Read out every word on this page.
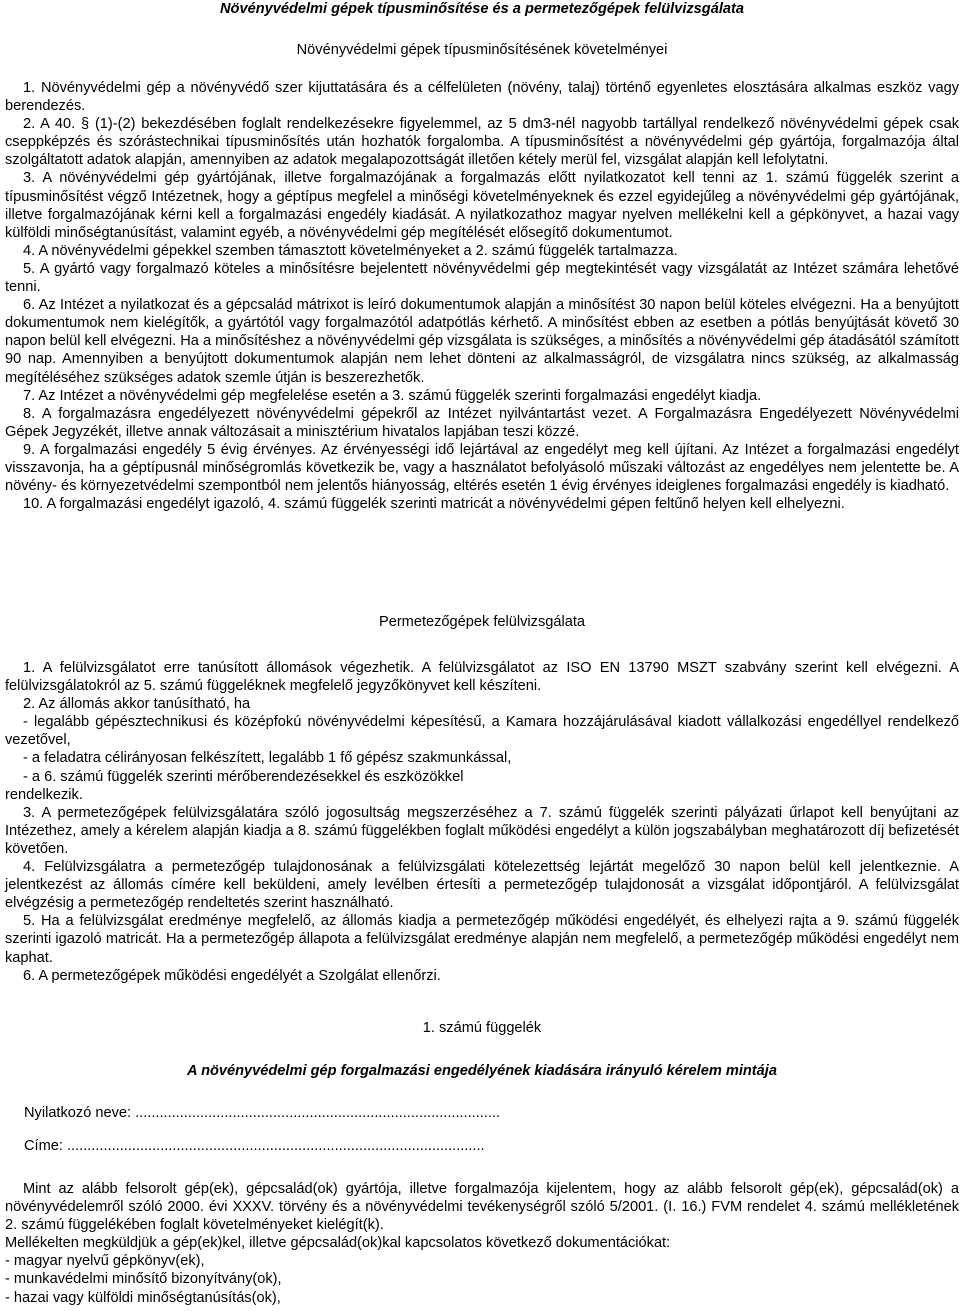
Növényvédelmi gépek típusminősítése és a permetezőgépek felülvizsgálata

Növényvédelmi gépek típusminősítésének követelményei

1. Növényvédelmi gép a növényvédő szer kijuttatására és a célfelületen (növény, talaj) történő egyenletes elosztására alkalmas eszköz vagy berendezés.

2. A 40. § (1)-(2) bekezdésében foglalt rendelkezésekre figyelemmel, az 5 dm3-nél nagyobb tartállyal rendelkező növényvédelmi gépek csak cseppképzés és szórástechnikai típusminősítés után hozhatók forgalomba. A típusminősítést a növényvédelmi gép gyártója, forgalmazója által szolgáltatott adatok alapján, amennyiben az adatok megalapozottságát illetően kétely merül fel, vizsgálat alapján kell lefolytatni.

3. A növényvédelmi gép gyártójának, illetve forgalmazójának a forgalmazás előtt nyilatkozatot kell tenni az 1. számú függelék szerint a típusminősítést végző Intézetnek, hogy a géptípus megfelel a minőségi követelményeknek és ezzel egyidejűleg a növényvédelmi gép gyártójának, illetve forgalmazójának kérni kell a forgalmazási engedély kiadását. A nyilatkozathoz magyar nyelven mellékelni kell a gépkönyvet, a hazai vagy külföldi minőségtanúsítást, valamint egyéb, a növényvédelmi gép megítélését elősegítő dokumentumot.

4. A növényvédelmi gépekkel szemben támasztott követelményeket a 2. számú függelék tartalmazza.

5. A gyártó vagy forgalmazó köteles a minősítésre bejelentett növényvédelmi gép megtekintését vagy vizsgálatát az Intézet számára lehetővé tenni.

6. Az Intézet a nyilatkozat és a gépcsalád mátrixot is leíró dokumentumok alapján a minősítést 30 napon belül köteles elvégezni. Ha a benyújtott dokumentumok nem kielégítők, a gyártótól vagy forgalmazótól adatpótlás kérhető. A minősítést ebben az esetben a pótlás benyújtását követő 30 napon belül kell elvégezni. Ha a minősítéshez a növényvédelmi gép vizsgálata is szükséges, a minősítés a növényvédelmi gép átadásától számított 90 nap. Amennyiben a benyújtott dokumentumok alapján nem lehet dönteni az alkalmasságról, de vizsgálatra nincs szükség, az alkalmasság megítéléséhez szükséges adatok szemle útján is beszerezhetők.

7. Az Intézet a növényvédelmi gép megfelelése esetén a 3. számú függelék szerinti forgalmazási engedélyt kiadja.

8. A forgalmazásra engedélyezett növényvédelmi gépekről az Intézet nyilvántartást vezet. A Forgalmazásra Engedélyezett Növényvédelmi Gépek Jegyzékét, illetve annak változásait a minisztérium hivatalos lapjában teszi közzé.

9. A forgalmazási engedély 5 évig érvényes. Az érvényességi idő lejártával az engedélyt meg kell újítani. Az Intézet a forgalmazási engedélyt visszavonja, ha a géptípusnál minőségromlás következik be, vagy a használatot befolyásoló műszaki változást az engedélyes nem jelentette be. A növény- és környezetvédelmi szempontból nem jelentős hiányosság, eltérés esetén 1 évig érvényes ideiglenes forgalmazási engedély is kiadható.

10. A forgalmazási engedélyt igazoló, 4. számú függelék szerinti matricát a növényvédelmi gépen feltűnő helyen kell elhelyezni.

Permetezőgépek felülvizsgálata

1. A felülvizsgálatot erre tanúsított állomások végezhetik. A felülvizsgálatot az ISO EN 13790 MSZT szabvány szerint kell elvégezni. A felülvizsgálatokról az 5. számú függeléknek megfelelő jegyzőkönyvet kell készíteni.

2. Az állomás akkor tanúsítható, ha

- legalább gépésztechnikusi és középfokú növényvédelmi képesítésű, a Kamara hozzájárulásával kiadott vállalkozási engedéllyel rendelkező vezetővel,

- a feladatra célirányosan felkészített, legalább 1 fő gépész szakmunkással,

- a 6. számú függelék szerinti mérőberendezésekkel és eszközökkel

rendelkezik.

3. A permetezőgépek felülvizsgálatára szóló jogosultság megszerzéséhez a 7. számú függelék szerinti pályázati űrlapot kell benyújtani az Intézethez, amely a kérelem alapján kiadja a 8. számú függelékben foglalt működési engedélyt a külön jogszabályban meghatározott díj befizetését követően.

4. Felülvizsgálatra a permetezőgép tulajdonosának a felülvizsgálati kötelezettség lejártát megelőző 30 napon belül kell jelentkeznie. A jelentkezést az állomás címére kell beküldeni, amely levélben értesíti a permetezőgép tulajdonosát a vizsgálat időpontjáról. A felülvizsgálat elvégzésig a permetezőgép rendeltetés szerint használható.

5. Ha a felülvizsgálat eredménye megfelelő, az állomás kiadja a permetezőgép működési engedélyét, és elhelyezi rajta a 9. számú függelék szerinti igazoló matricát. Ha a permetezőgép állapota a felülvizsgálat eredménye alapján nem megfelelő, a permetezőgép működési engedélyt nem kaphat.

6. A permetezőgépek működési engedélyét a Szolgálat ellenőrzi.

1. számú függelék

A növényvédelmi gép forgalmazási engedélyének kiadására irányuló kérelem mintája

Nyilatkozó neve: ..........................................................................................

Címe: .......................................................................................................

Mint az alább felsorolt gép(ek), gépcsalád(ok) gyártója, illetve forgalmazója kijelentem, hogy az alább felsorolt gép(ek), gépcsalád(ok) a növényvédelemről szóló 2000. évi XXXV. törvény és a növényvédelmi tevékenységről szóló 5/2001. (I. 16.) FVM rendelet 4. számú mellékletének 2. számú függelékében foglalt követelményeket kielégít(k).

Mellékelten megküldjük a gép(ek)kel, illetve gépcsalád(ok)kal kapcsolatos következő dokumentációkat:

- magyar nyelvű gépkönyv(ek),

- munkavédelmi minősítő bizonyítvány(ok),

- hazai vagy külföldi minőségtanúsítás(ok),
